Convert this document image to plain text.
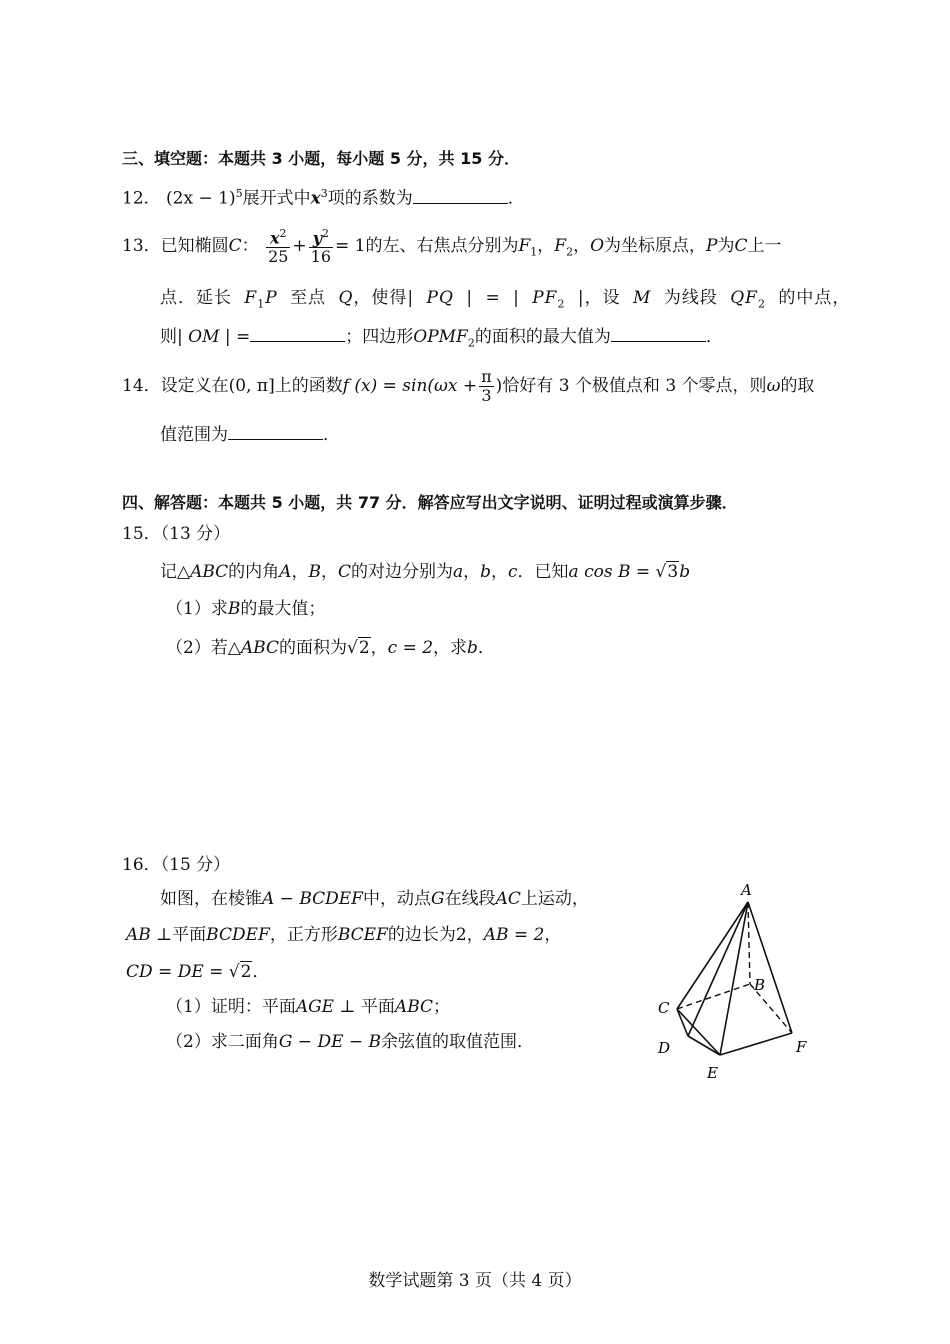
三、填空题：本题共 3 小题，每小题 5 分，共 15 分．
12． $(2x - 1)^5$展开式中$x^3$项的系数为	．
13．已知椭圆C： $\frac{x^2}{25} + \frac{y^2}{16} = 1$的左、右焦点分别为$F_1$，$F_2$，O为坐标原点，P为C上一
点．延长 $F_1P$ 至点 Q，使得| PQ | = | $PF_2$ |，设 M 为线段 $QF_2$ 的中点，
则| OM | =	；四边形$OPMF_2$的面积的最大值为	．
14．设定义在(0, π]上的函数f $(x) = \sin(\omega x + \frac{\pi}{3}$ )恰好有 3 个极值点和 3 个零点，则ω的取
值范围为	．
四、解答题：本题共 5 小题，共 77 分．解答应写出文字说明、证明过程或演算步骤．
15．（13 分）
记△ABC的内角A，B，C的对边分别为a，b，c．已知a cos B = √3b
（1）求B的最大值；
（2）若△ABC的面积为√2，c = 2，求b．
16．（15 分）
如图，在棱锥A − BCDEF中，动点G在线段AC上运动，
AB ⊥平面BCDEF，正方形BCEF的边长为2，AB = 2，
CD = DE = √2．
（1）证明：平面AGE ⊥ 平面ABC；
（2）求二面角G − DE − B余弦值的取值范围．
A
B
C
D
E
F
数学试题第 3 页（共 4 页）
